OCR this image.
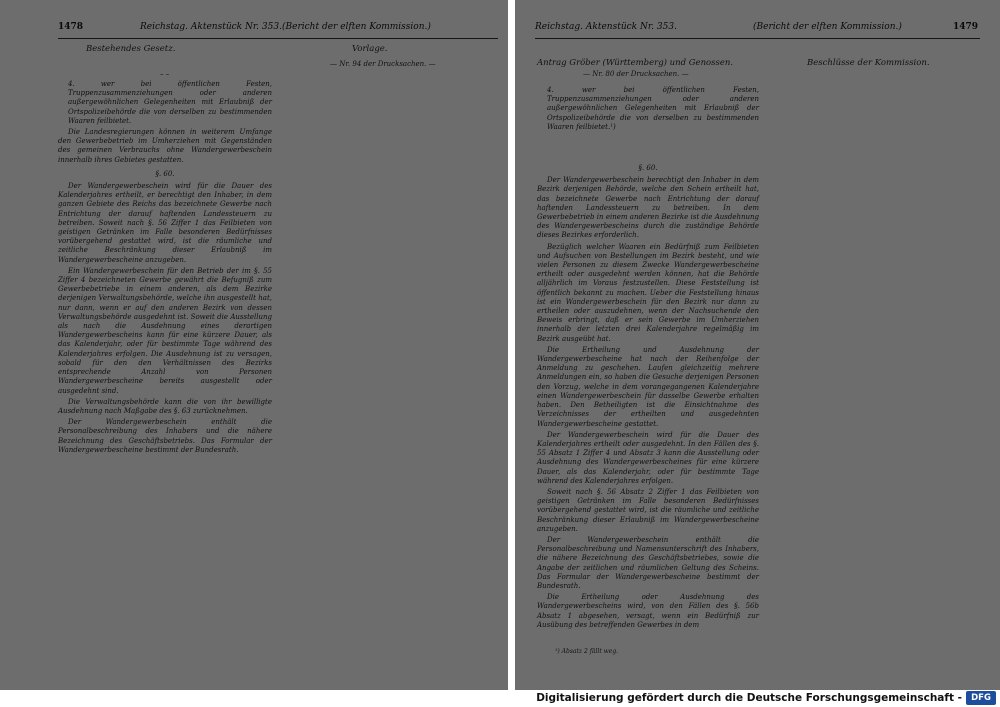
1478	Reichstag. Aktenstück Nr. 353. (Bericht der elften Kommission.)
Bestehendes Gesetz.
– –

4. wer bei öffentlichen Festen, Truppenzusammenziehungen oder anderen außergewöhnlichen Gelegenheiten mit Erlaubniß der Ortspolizeibehörde die von derselben zu bestimmenden Waaren feilbietet.

Die Landesregierungen können in weiterem Umfange den Gewerbebetrieb im Umherziehen mit Gegenständen des gemeinen Verbrauchs ohne Wandergewerbeschein innerhalb ihres Gebietes gestatten.

§. 60.

Der Wandergewerbeschein wird für die Dauer des Kalenderjahres ertheilt, er berechtigt den Inhaber, in dem ganzen Gebiete des Reichs das bezeichnete Gewerbe nach Entrichtung der darauf haftenden Landessteuern zu betreiben. Soweit nach §. 56 Ziffer 1 das Feilbieten von geistigen Getränken im Falle besonderen Bedürfnisses vorübergehend gestattet wird, ist die räumliche und zeitliche Beschränkung dieser Erlaubniß im Wandergewerbescheine anzugeben.

Ein Wandergewerbeschein für den Betrieb der im §. 55 Ziffer 4 bezeichneten Gewerbe gewährt die Befugniß zum Gewerbebetriebe in einem anderen, als dem Bezirke derjenigen Verwaltungsbehörde, welche ihn ausgestellt hat, nur dann, wenn er auf den anderen Bezirk von dessen Verwaltungsbehörde ausgedehnt ist. Soweit die Ausstellung als nach die Ausdehnung eines derartigen Wandergewerbescheins kann für eine kürzere Dauer, als das Kalenderjahr, oder für bestimmte Tage während des Kalenderjahres erfolgen. Die Ausdehnung ist zu versagen, sobald für den den Verhältnissen des Bezirks entsprechende Anzahl von Personen Wandergewerbescheine bereits ausgestellt oder ausgedehnt sind.

Die Verwaltungsbehörde kann die von ihr bewilligte Ausdehnung nach Maßgabe des §. 63 zurücknehmen.

Der Wandergewerbeschein enthält die Personalbeschreibung des Inhabers und die nähere Bezeichnung des Geschäftsbetriebs. Das Formular der Wandergewerbescheine bestimmt der Bundesrath.

Vorlage.
— Nr. 94 der Drucksachen. —
Reichstag. Aktenstück Nr. 353.	(Bericht der elften Kommission.)	1479
Antrag Gröber (Württemberg) und Genossen.
— Nr. 80 der Drucksachen. —
Beschlüsse der Kommission.

4. wer bei öffentlichen Festen, Truppenzusammenziehungen oder anderen außergewöhnlichen Gelegenheiten mit Erlaubniß der Ortspolizeibehörde die von derselben zu bestimmenden Waaren feilbietet.¹)

§. 60.

Der Wandergewerbeschein berechtigt den Inhaber in dem Bezirk derjenigen Behörde, welche den Schein ertheilt hat, das bezeichnete Gewerbe nach Entrichtung der darauf haftenden Landessteuern zu betreiben. In dem Gewerbebetrieb in einem anderen Bezirke ist die Ausdehnung des Wandergewerbescheins durch die zuständige Behörde dieses Bezirkes erforderlich.

Bezüglich welcher Waaren ein Bedürfniß zum Feilbieten und Aufsuchen von Bestellungen im Bezirk besteht, und wie vielen Personen zu diesem Zwecke Wandergewerbescheine ertheilt oder ausgedehnt werden können, hat die Behörde alljährlich im Voraus festzustellen. Diese Feststellung ist öffentlich bekannt zu machen. Ueber die Feststellung hinaus ist ein Wandergewerbeschein für den Bezirk nur dann zu ertheilen oder auszudehnen, wenn der Nachsuchende den Beweis erbringt, daß er sein Gewerbe im Umherziehen innerhalb der letzten drei Kalenderjahre regelmäßig im Bezirk ausgeübt hat.

Die Ertheilung und Ausdehnung der Wandergewerbescheine hat nach der Reihenfolge der Anmeldung zu geschehen. Laufen gleichzeitig mehrere Anmeldungen ein, so haben die Gesuche derjenigen Personen den Vorzug, welche in dem vorangegangenen Kalenderjahre einen Wandergewerbeschein für dasselbe Gewerbe erhalten haben. Den Betheiligten ist die Einsichtnahme des Verzeichnisses der ertheilten und ausgedehnten Wandergewerbescheine gestattet.

Der Wandergewerbeschein wird für die Dauer des Kalenderjahres ertheilt oder ausgedehnt. In den Fällen des §. 55 Absatz 1 Ziffer 4 und Absatz 3 kann die Ausstellung oder Ausdehnung des Wandergewerbescheines für eine kürzere Dauer, als das Kalenderjahr, oder für bestimmte Tage während des Kalenderjahres erfolgen.

Soweit nach §. 56 Absatz 2 Ziffer 1 das Feilbieten von geistigen Getränken im Falle besonderen Bedürfnisses vorübergehend gestattet wird, ist die räumliche und zeitliche Beschränkung dieser Erlaubniß im Wandergewerbescheine anzugeben.

Der Wandergewerbeschein enthält die Personalbeschreibung und Namensunterschrift des Inhabers, die nähere Bezeichnung des Geschäftsbetriebes, sowie die Angabe der zeitlichen und räumlichen Geltung des Scheins. Das Formular der Wandergewerbescheine bestimmt der Bundesrath.

Die Ertheilung oder Ausdehnung des Wandergewerbescheins wird, von den Fällen des §. 56b Absatz 1 abgesehen, versagt, wenn ein Bedürfniß zur Ausübung des betreffenden Gewerbes in dem

¹) Absatz 2 fällt weg.
Digitalisierung gefördert durch die Deutsche Forschungsgemeinschaft -	DFG
